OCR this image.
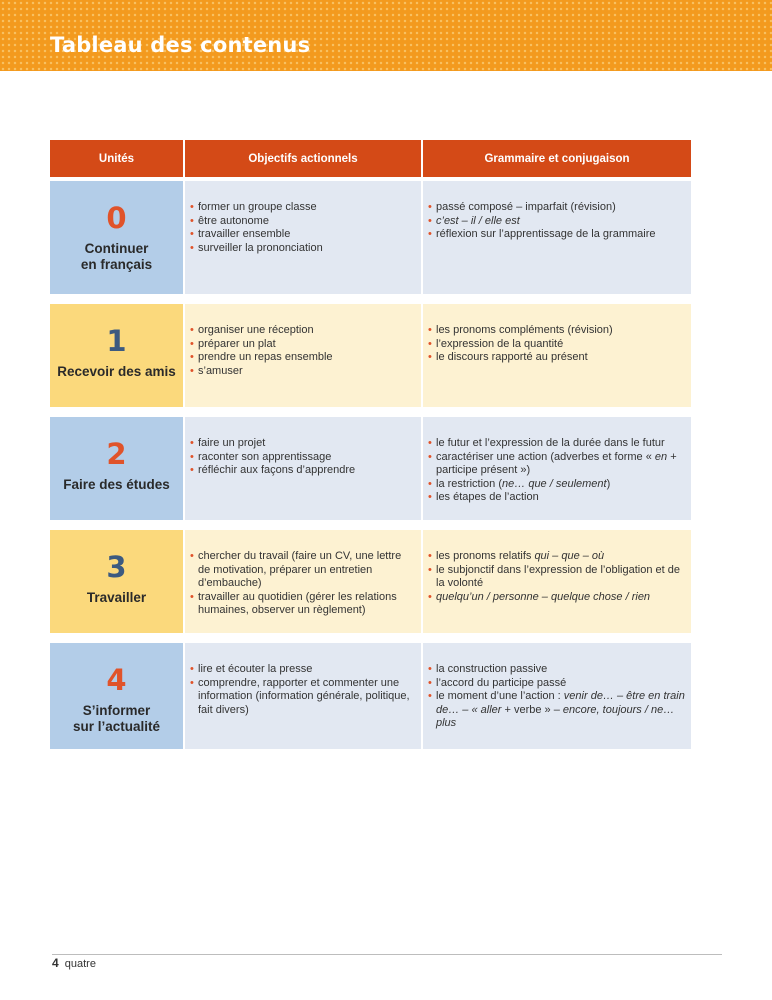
Tableau des contenus
Unités	Objectifs actionnels	Grammaire et conjugaison
0
Continuer
en français
• former un groupe classe
• être autonome
• travailler ensemble
• surveiller la prononciation
• passé composé – imparfait (révision)
• c’est – il / elle est
• réflexion sur l’apprentissage de la grammaire
1
Recevoir des amis
• organiser une réception
• préparer un plat
• prendre un repas ensemble
• s’amuser
• les pronoms compléments (révision)
• l’expression de la quantité
• le discours rapporté au présent
2
Faire des études
• faire un projet
• raconter son apprentissage
• réfléchir aux façons d’apprendre
• le futur et l’expression de la durée dans le futur
• caractériser une action (adverbes et forme « en + participe présent »)
• la restriction (ne… que / seulement)
• les étapes de l’action
3
Travailler
• chercher du travail (faire un CV, une lettre de motivation, préparer un entretien d’embauche)
• travailler au quotidien (gérer les relations humaines, observer un règlement)
• les pronoms relatifs qui – que – où
• le subjonctif dans l’expression de l’obligation et de la volonté
• quelqu’un / personne – quelque chose / rien
4
S’informer
sur l’actualité
• lire et écouter la presse
• comprendre, rapporter et commenter une information (information générale, politique, fait divers)
• la construction passive
• l’accord du participe passé
• le moment d’une l’action : venir de… – être en train de… – « aller + verbe » – encore, toujours / ne… plus
4 quatre
